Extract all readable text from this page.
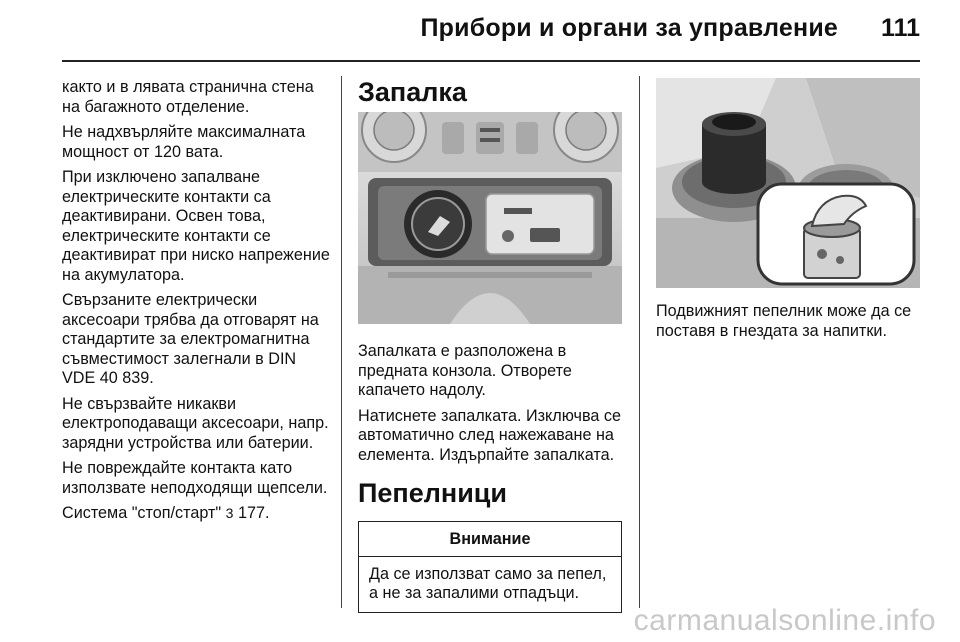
Прибори и органи за управление 111

както и в лявата странична стена на багажното отделение.

Не надхвърляйте максималната мощност от 120 вата.

При изключено запалване електрическите контакти са деактивирани. Освен това, електрическите контакти се деактивират при ниско напрежение на акумулатора.

Свързаните електрически аксесоари трябва да отговарят на стандартите за електромагнитна съвместимост залегнали в DIN VDE 40 839.

Не свързвайте никакви електроподаващи аксесоари, напр. зарядни устройства или батерии.

Не повреждайте контакта като използвате неподходящи щепсели.

Система "стоп/старт" 3 177.

Запалка

Запалката е разположена в предната конзола. Отворете капачето надолу.

Натиснете запалката. Изключва се автоматично след нажежаване на елемента. Издърпайте запалката.

Пепелници
Внимание
Да се използват само за пепел, а не за запалими отпадъци.

Подвижният пепелник може да се поставя в гнездата за напитки.

carmanualsonline.info
